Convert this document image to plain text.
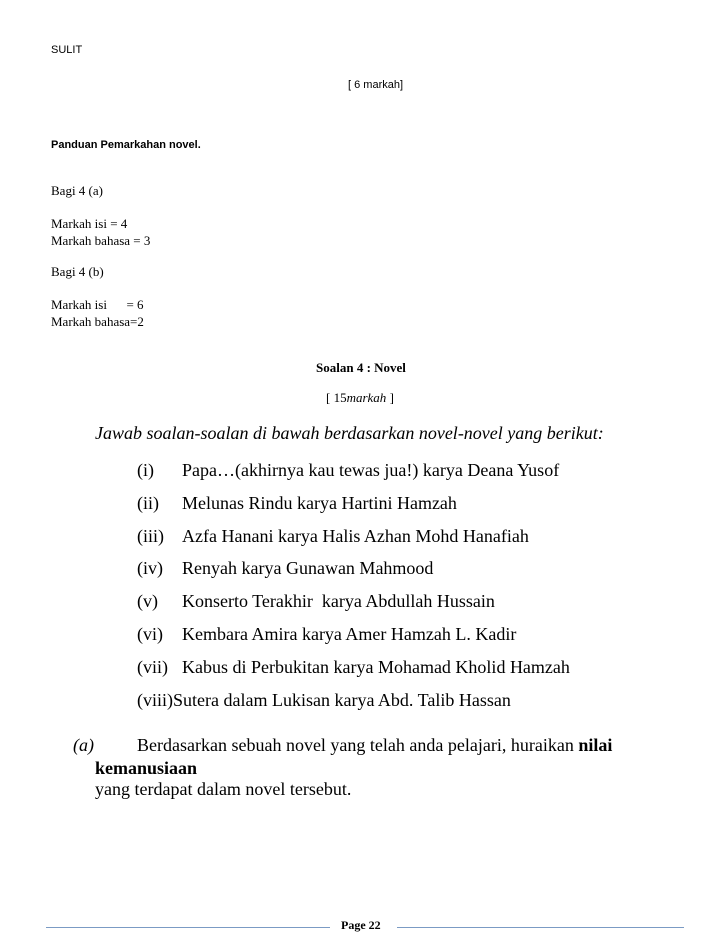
SULIT
[ 6 markah]
Panduan Pemarkahan novel.
Bagi 4 (a)
Markah isi = 4
Markah bahasa = 3
Bagi 4 (b)
Markah isi      = 6
Markah bahasa=2
Soalan 4 : Novel
[ 15markah ]
Jawab soalan-soalan di bawah berdasarkan novel-novel yang berikut:
(i) Papa…(akhirnya kau tewas jua!) karya Deana Yusof
(ii) Melunas Rindu karya Hartini Hamzah
(iii) Azfa Hanani karya Halis Azhan Mohd Hanafiah
(iv) Renyah karya Gunawan Mahmood
(v) Konserto Terakhir  karya Abdullah Hussain
(vi) Kembara Amira karya Amer Hamzah L. Kadir
(vii) Kabus di Perbukitan karya Mohamad Kholid Hamzah
(viii) Sutera dalam Lukisan karya Abd. Talib Hassan
(a) Berdasarkan sebuah novel yang telah anda pelajari, huraikan nilai
kemanusiaan
yang terdapat dalam novel tersebut.
Page 22
